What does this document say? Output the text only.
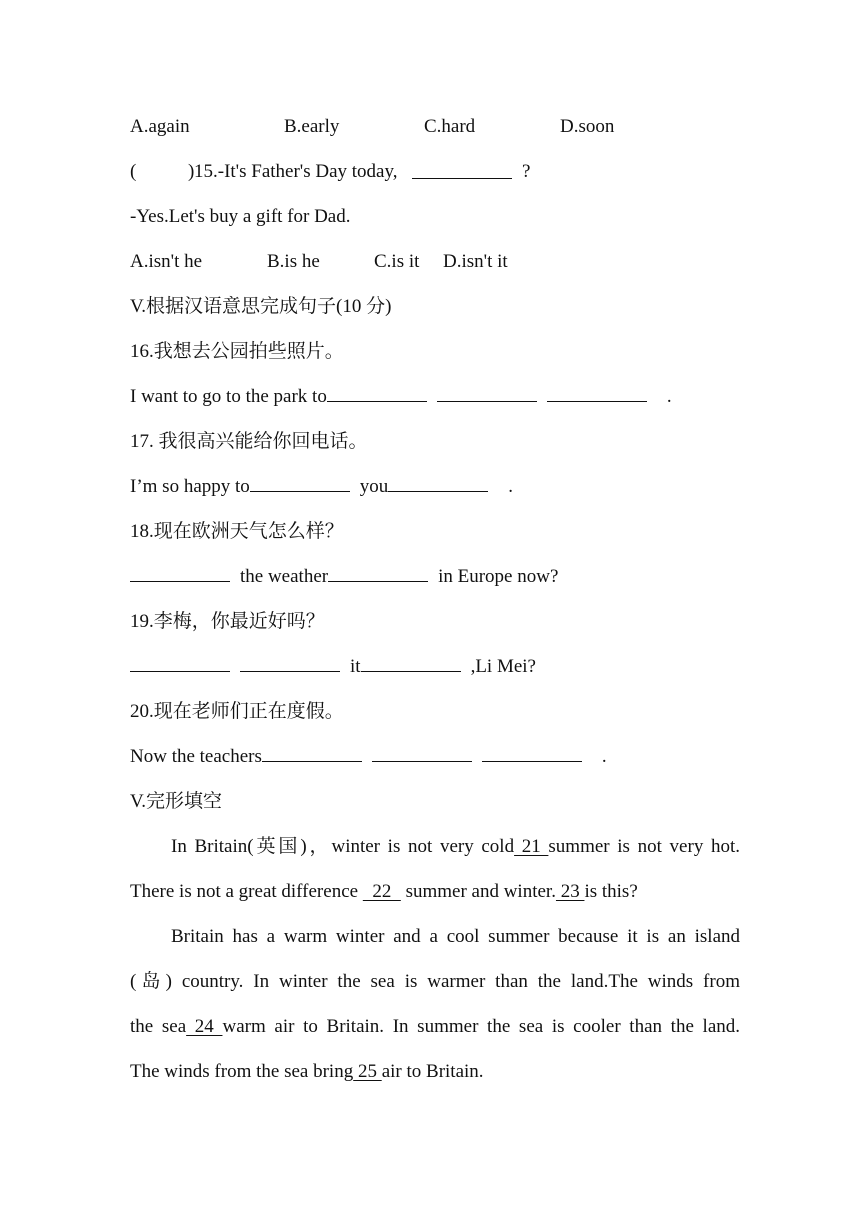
A.again

	B.early

	C.hard

	D.soon

(

	)

15.-It's Father's Day today,

	?

-Yes.Let's buy a gift for Dad.

A.isn't he

	B.is he

	C.is it

D.isn't it

V.根据汉语意思完成句子(10 分)
16.我想去公园拍些照片。
I want to go to the park to	.
17. 我很高兴能给你回电话。
I’m so happy to	you	.
18.现在欧洲天气怎么样？
the weather	in Europe now?
19.李梅，你最近好吗？
it	,Li Mei?
20.现在老师们正在度假。
Now the teachers	.
V.完形填空
In Britain(英国)，winter is not very cold 21 summer is not very hot.
There is not a great difference   22   summer and winter. 23 is this?
Britain has a warm winter and a cool summer because it is an island
(岛) country. In winter the sea is warmer than the land.The winds from
the sea 24 warm air to Britain. In summer the sea is cooler than the land.
The winds from the sea bring 25 air to Britain.
